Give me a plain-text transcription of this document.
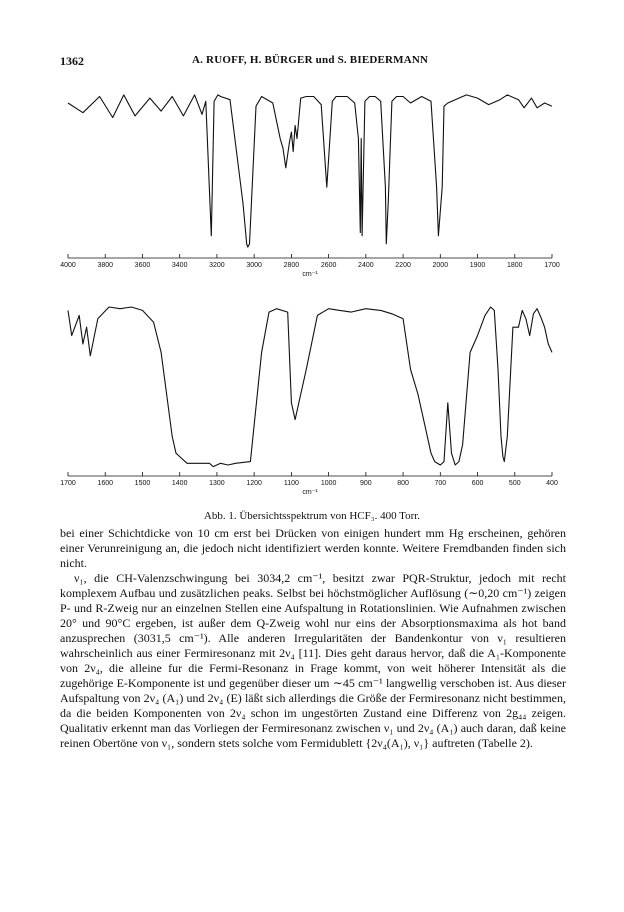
1362	A. RUOFF, H. BÜRGER und S. BIEDERMANN
4000	3800	3600	3400	3200	3000	2800	2600	2400	2200	2000	1900	1800	1700
cm⁻¹
1700	1600	1500	1400	1300	1200	1100	1000	900	800	700	600	500	400
cm⁻¹
Abb. 1. Übersichtsspektrum von HCF₃. 400 Torr.

bei einer Schichtdicke von 10 cm erst bei Drücken von einigen hundert mm Hg erscheinen, gehören einer Verunreinigung an, die jedoch nicht identifiziert werden konnte. Weitere Fremdbanden finden sich nicht.

ν₁, die CH-Valenzschwingung bei 3034,2 cm⁻¹, besitzt zwar PQR-Struktur, jedoch mit recht komplexem Aufbau und zusätzlichen peaks. Selbst bei höchstmöglicher Auflösung (∼0,20 cm⁻¹) zeigen P- und R-Zweig nur an einzelnen Stellen eine Aufspaltung in Rotationslinien. Wie Aufnahmen zwischen 20° und 90°C ergeben, ist außer dem Q-Zweig wohl nur eins der Absorptionsmaxima als hot band anzusprechen (3031,5 cm⁻¹). Alle anderen Irregularitäten der Bandenkontur von ν₁ resultieren wahrscheinlich aus einer Fermiresonanz mit 2ν₄ [11]. Dies geht daraus hervor, daß die A₁-Komponente von 2ν₄, die alleine fur die Fermi-Resonanz in Frage kommt, von weit höherer Intensität als die zugehörige E-Komponente ist und gegenüber dieser um ∼45 cm⁻¹ langwellig verschoben ist. Aus dieser Aufspaltung von 2ν₄ (A₁) und 2ν₄ (E) läßt sich allerdings die Größe der Fermiresonanz nicht bestimmen, da die beiden Komponenten von 2ν₄ schon im ungestörten Zustand eine Differenz von 2g₄₄ zeigen. Qualitativ erkennt man das Vorliegen der Fermiresonanz zwischen ν₁ und 2ν₄ (A₁) auch daran, daß keine reinen Obertöne von ν₁, sondern stets solche vom Fermidublett {2ν₄(A₁), ν₁} auftreten (Tabelle 2).
